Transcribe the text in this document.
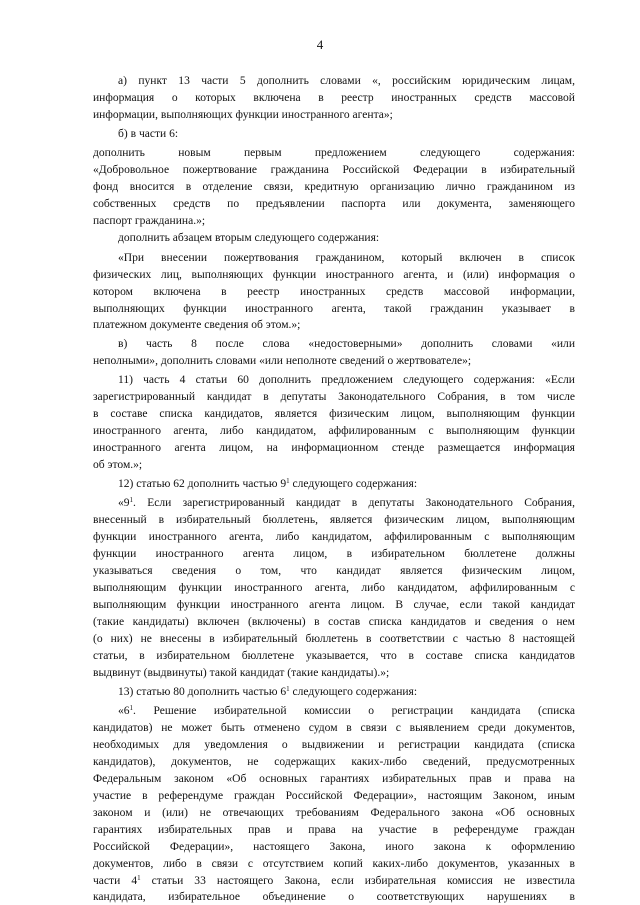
4
а) пункт 13 части 5 дополнить словами «, российским юридическим лицам,
информация о которых включена в реестр иностранных средств массовой
информации, выполняющих функции иностранного агента»;
б) в части 6:
дополнить новым первым предложением следующего содержания:
«Добровольное пожертвование гражданина Российской Федерации в избирательный
фонд вносится в отделение связи, кредитную организацию лично гражданином из
собственных средств по предъявлении паспорта или документа, заменяющего
паспорт гражданина.»;
дополнить абзацем вторым следующего содержания:
«При внесении пожертвования гражданином, который включен в список
физических лиц, выполняющих функции иностранного агента, и (или) информация о
котором включена в реестр иностранных средств массовой информации,
выполняющих функции иностранного агента, такой гражданин указывает в
платежном документе сведения об этом.»;
в) часть 8 после слова «недостоверными» дополнить словами «или
неполными», дополнить словами «или неполноте сведений о жертвователе»;
11) часть 4 статьи 60 дополнить предложением следующего содержания: «Если
зарегистрированный кандидат в депутаты Законодательного Собрания, в том числе
в составе списка кандидатов, является физическим лицом, выполняющим функции
иностранного агента, либо кандидатом, аффилированным с выполняющим функции
иностранного агента лицом, на информационном стенде размещается информация
об этом.»;
12) статью 62 дополнить частью $9^1$ следующего содержания:
«$9^1$. Если зарегистрированный кандидат в депутаты Законодательного Собрания,
внесенный в избирательный бюллетень, является физическим лицом, выполняющим
функции иностранного агента, либо кандидатом, аффилированным с выполняющим
функции иностранного агента лицом, в избирательном бюллетене должны
указываться сведения о том, что кандидат является физическим лицом,
выполняющим функции иностранного агента, либо кандидатом, аффилированным с
выполняющим функции иностранного агента лицом. В случае, если такой кандидат
(такие кандидаты) включен (включены) в состав списка кандидатов и сведения о нем
(о них) не внесены в избирательный бюллетень в соответствии с частью 8 настоящей
статьи, в избирательном бюллетене указывается, что в составе списка кандидатов
выдвинут (выдвинуты) такой кандидат (такие кандидаты).»;
13) статью 80 дополнить частью $6^1$ следующего содержания:
«$6^1$. Решение избирательной комиссии о регистрации кандидата (списка
кандидатов) не может быть отменено судом в связи с выявлением среди документов,
необходимых для уведомления о выдвижении и регистрации кандидата (списка
кандидатов), документов, не содержащих каких-либо сведений, предусмотренных
Федеральным законом «Об основных гарантиях избирательных прав и права на
участие в референдуме граждан Российской Федерации», настоящим Законом, иным
законом и (или) не отвечающих требованиям Федерального закона «Об основных
гарантиях избирательных прав и права на участие в референдуме граждан
Российской Федерации», настоящего Закона, иного закона к оформлению
документов, либо в связи с отсутствием копий каких-либо документов, указанных в
части $4^1$ статьи 33 настоящего Закона, если избирательная комиссия не известила
кандидата, избирательное объединение о соответствующих нарушениях в
